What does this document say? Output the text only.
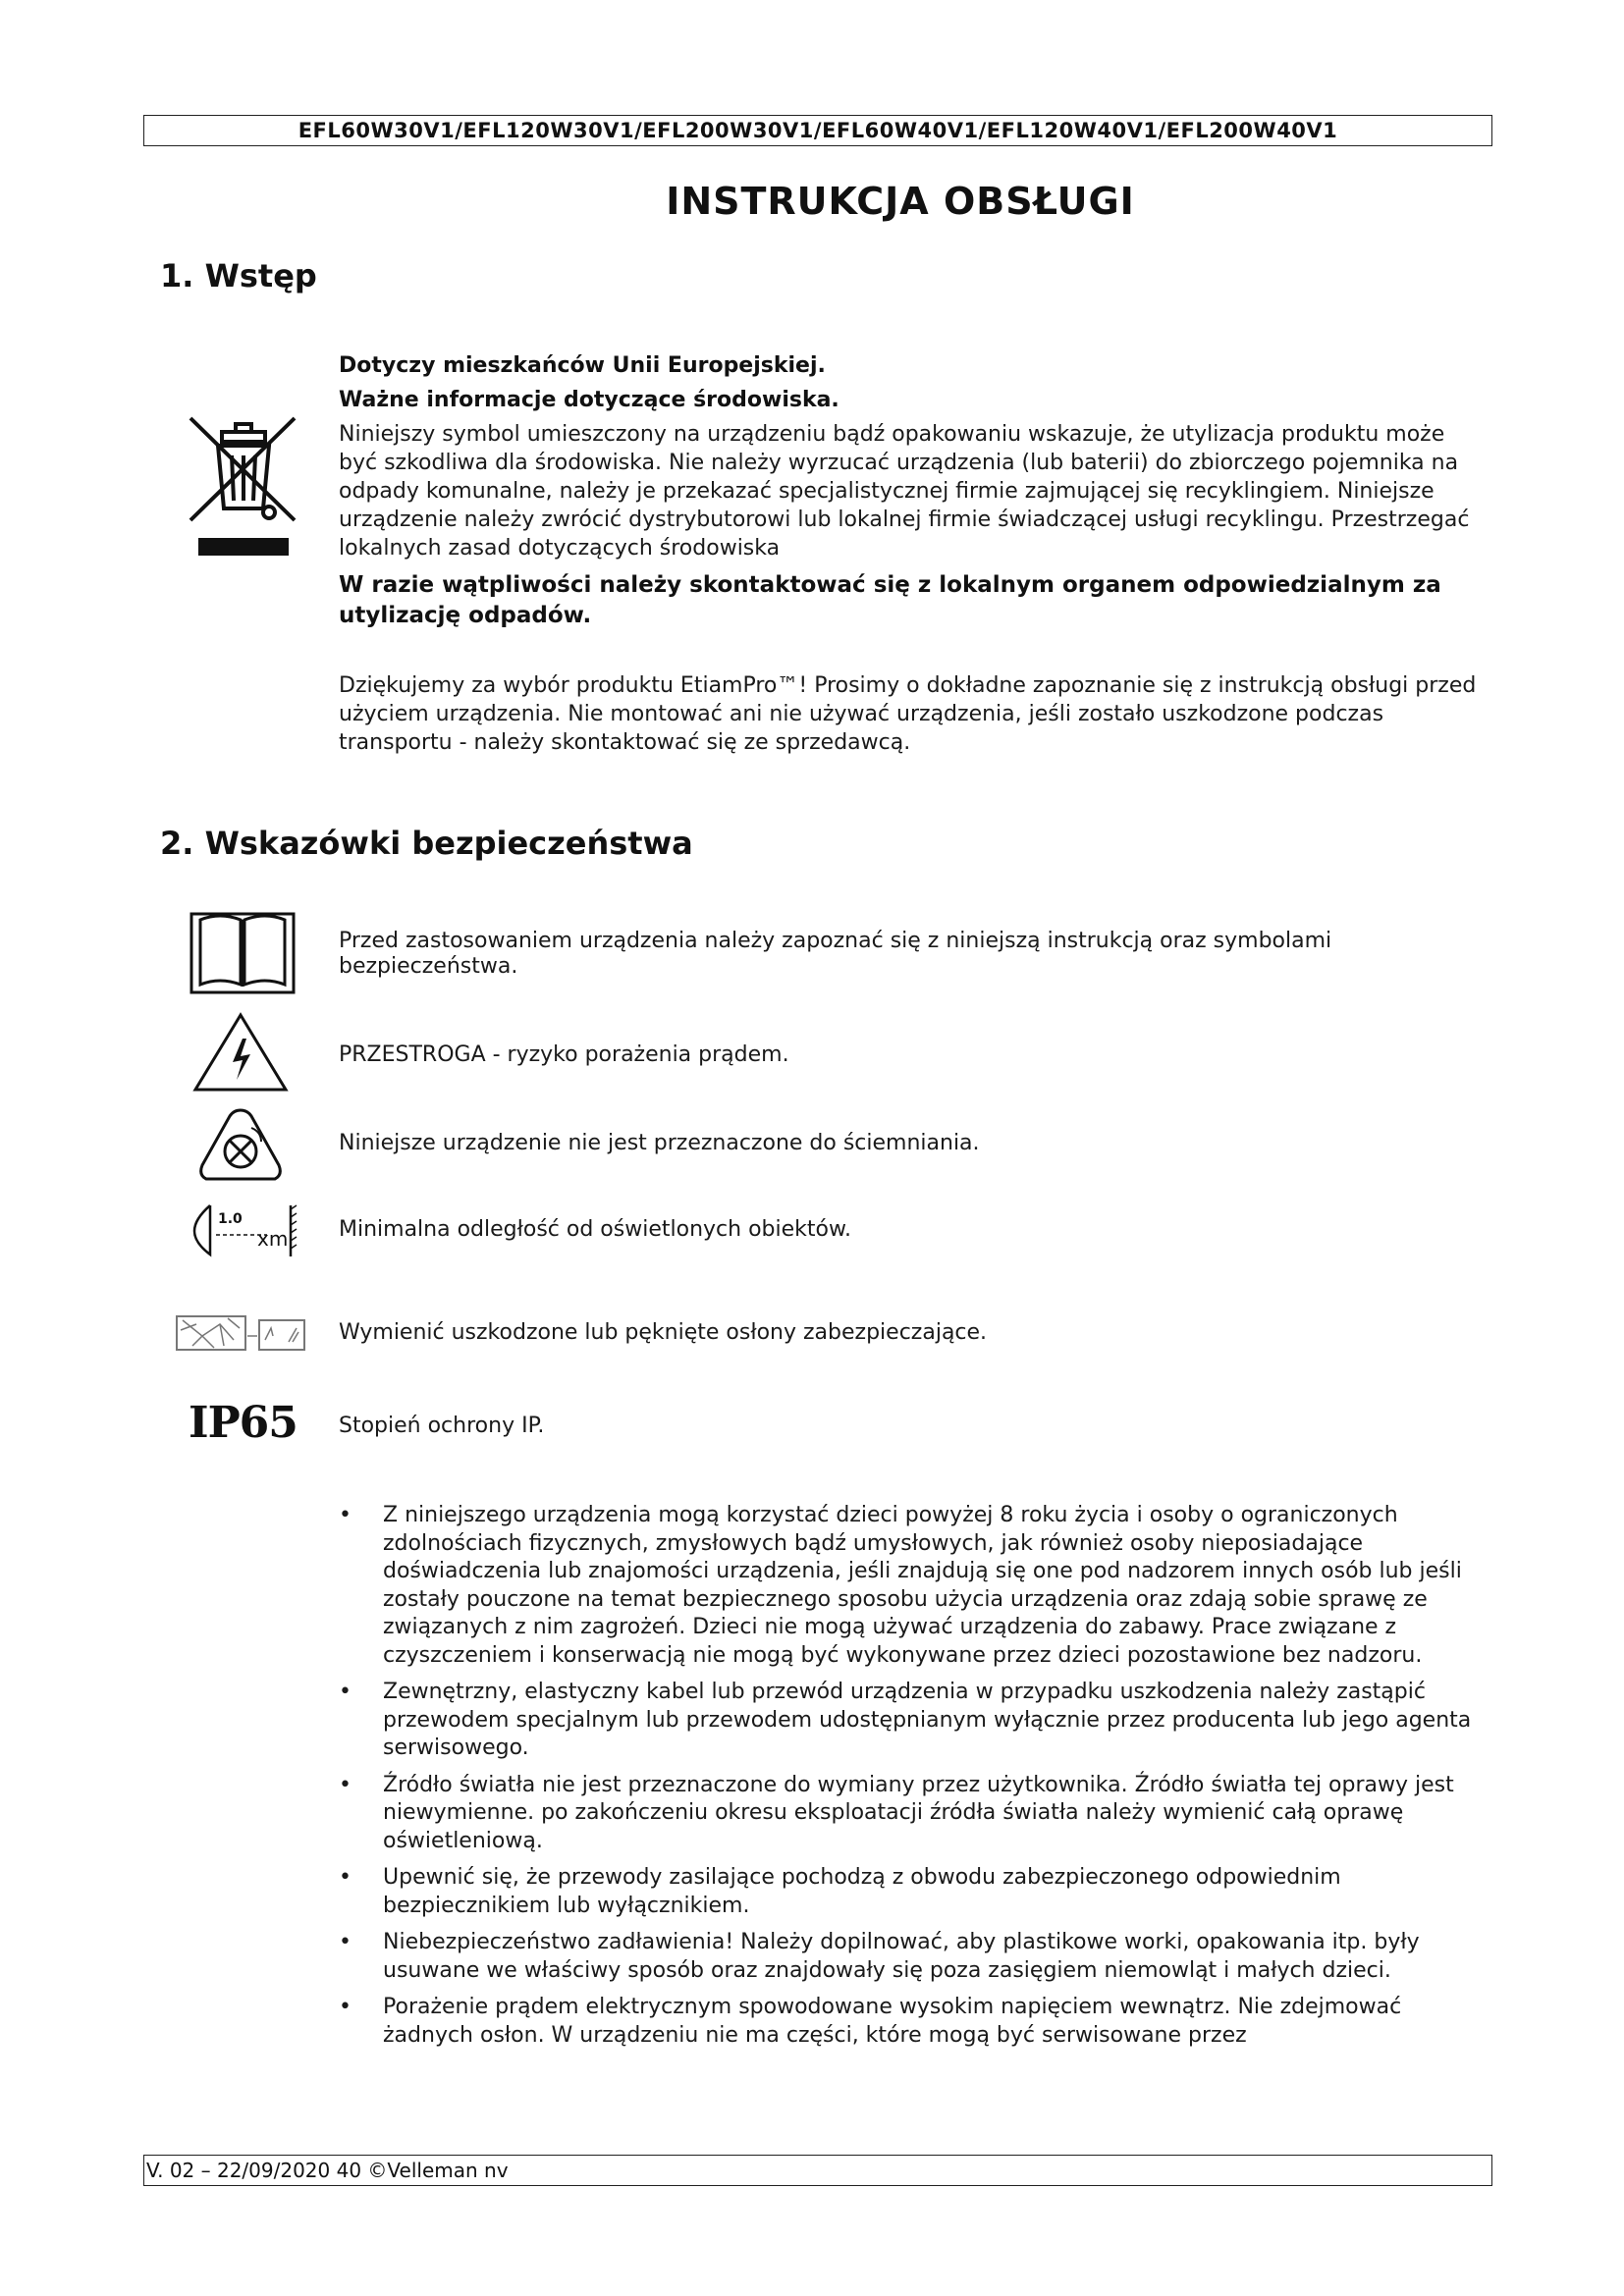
EFL60W30V1/EFL120W30V1/EFL200W30V1/EFL60W40V1/EFL120W40V1/EFL200W40V1
INSTRUKCJA OBSŁUGI
1. Wstęp

Dotyczy mieszkańców Unii Europejskiej.

Ważne informacje dotyczące środowiska.

Niniejszy symbol umieszczony na urządzeniu bądź opakowaniu wskazuje, że utylizacja produktu może być szkodliwa dla środowiska. Nie należy wyrzucać urządzenia (lub baterii) do zbiorczego pojemnika na odpady komunalne, należy je przekazać specjalistycznej firmie zajmującej się recyklingiem. Niniejsze urządzenie należy zwrócić dystrybutorowi lub lokalnej firmie świadczącej usługi recyklingu. Przestrzegać lokalnych zasad dotyczących środowiska

W razie wątpliwości należy skontaktować się z lokalnym organem odpowiedzialnym za utylizację odpadów.

Dziękujemy za wybór produktu EtiamPro™! Prosimy o dokładne zapoznanie się z instrukcją obsługi przed użyciem urządzenia. Nie montować ani nie używać urządzenia, jeśli zostało uszkodzone podczas transportu - należy skontaktować się ze sprzedawcą.

2. Wskazówki bezpieczeństwa

Przed zastosowaniem urządzenia należy zapoznać się z niniejszą instrukcją oraz symbolami bezpieczeństwa.

PRZESTROGA - ryzyko porażenia prądem.

Niniejsze urządzenie nie jest przeznaczone do ściemniania.

1.0
xm Minimalna odległość od oświetlonych obiektów.

Wymienić uszkodzone lub pęknięte osłony zabezpieczające.

IP65 Stopień ochrony IP.

• Z niniejszego urządzenia mogą korzystać dzieci powyżej 8 roku życia i osoby o ograniczonych zdolnościach fizycznych, zmysłowych bądź umysłowych, jak również osoby nieposiadające doświadczenia lub znajomości urządzenia, jeśli znajdują się one pod nadzorem innych osób lub jeśli zostały pouczone na temat bezpiecznego sposobu użycia urządzenia oraz zdają sobie sprawę ze związanych z nim zagrożeń. Dzieci nie mogą używać urządzenia do zabawy. Prace związane z czyszczeniem i konserwacją nie mogą być wykonywane przez dzieci pozostawione bez nadzoru.
• Zewnętrzny, elastyczny kabel lub przewód urządzenia w przypadku uszkodzenia należy zastąpić przewodem specjalnym lub przewodem udostępnianym wyłącznie przez producenta lub jego agenta serwisowego.
• Źródło światła nie jest przeznaczone do wymiany przez użytkownika. Źródło światła tej oprawy jest niewymienne. po zakończeniu okresu eksploatacji źródła światła należy wymienić całą oprawę oświetleniową.
• Upewnić się, że przewody zasilające pochodzą z obwodu zabezpieczonego odpowiednim bezpiecznikiem lub wyłącznikiem.
• Niebezpieczeństwo zadławienia! Należy dopilnować, aby plastikowe worki, opakowania itp. były usuwane we właściwy sposób oraz znajdowały się poza zasięgiem niemowląt i małych dzieci.
• Porażenie prądem elektrycznym spowodowane wysokim napięciem wewnątrz. Nie zdejmować żadnych osłon. W urządzeniu nie ma części, które mogą być serwisowane przez
V. 02 – 22/09/2020 40 ©Velleman nv
